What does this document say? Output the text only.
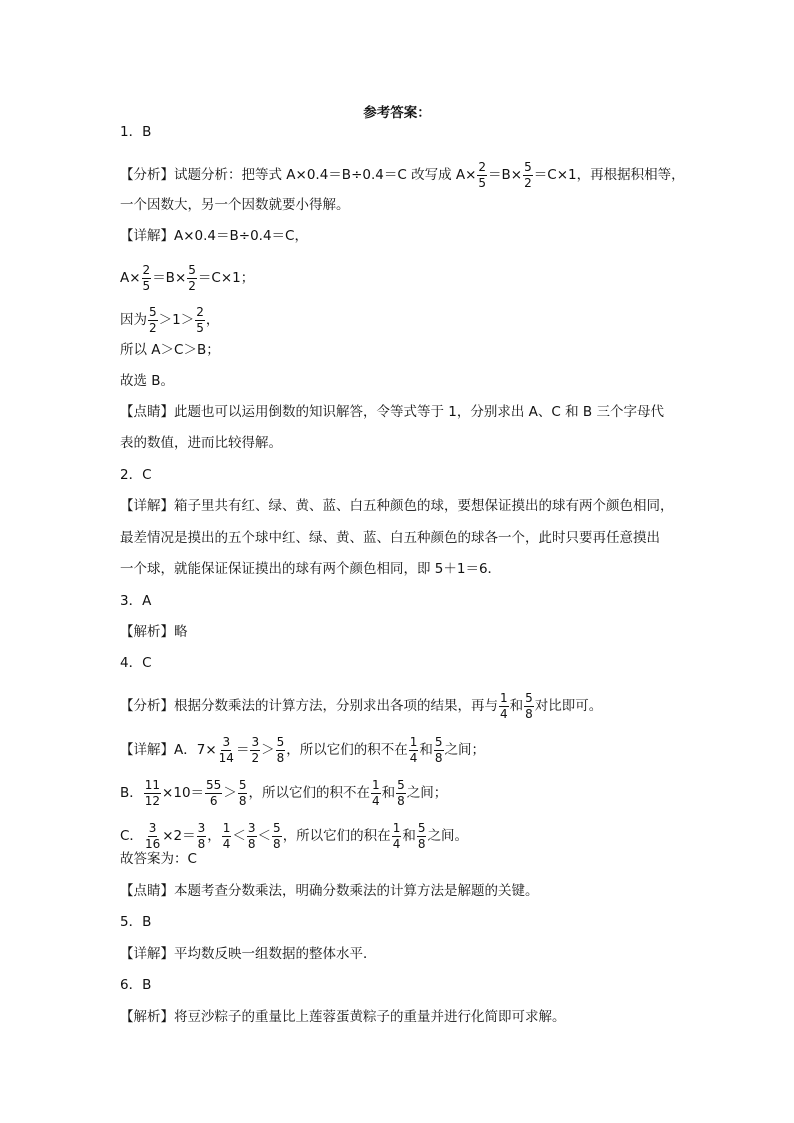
参考答案：
1．B
【分析】试题分析：把等式 A×0.4＝B÷0.4＝C 改写成 $A\times \frac{2}{5} =B\times \frac{5}{2} =C\times 1$，再根据积相等，
一个因数大，另一个因数就要小得解。
【详解】A×0.4＝B÷0.4＝C，
$A\times \frac{2}{5} =B\times \frac{5}{2} =C\times 1$；
因为 $\frac{5}{2} >1> \frac{2}{5}$ ，
所以 A＞C＞B；
故选 B。
【点睛】此题也可以运用倒数的知识解答，令等式等于 1，分别求出 A、C 和 B 三个字母代
表的数值，进而比较得解。
2．C
【详解】箱子里共有红、绿、黄、蓝、白五种颜色的球，要想保证摸出的球有两个颜色相同，
最差情况是摸出的五个球中红、绿、黄、蓝、白五种颜色的球各一个，此时只要再任意摸出
一个球，就能保证保证摸出的球有两个颜色相同，即 5＋1＝6．
3．A
【解析】略
4．C
【分析】根据分数乘法的计算方法，分别求出各项的结果，再与 $\frac{1}{4}$ 和 $\frac{5}{8}$ 对比即可。
【详解】A．$7\times \frac{3}{14} = \frac{3}{2} > \frac{5}{8}$ ，所以它们的积不在 $\frac{1}{4}$ 和 $\frac{5}{8}$ 之间；
B． $\frac{11}{12} \times 10= \frac{55}{6} > \frac{5}{8}$ ，所以它们的积不在 $\frac{1}{4}$ 和 $\frac{5}{8}$ 之间；
C． $\frac{3}{16} \times 2= \frac{3}{8}$ ， $\frac{1}{4} < \frac{3}{8} < \frac{5}{8}$ ，所以它们的积在 $\frac{1}{4}$ 和 $\frac{5}{8}$ 之间。
故答案为：C
【点睛】本题考查分数乘法，明确分数乘法的计算方法是解题的关键。
5．B
【详解】平均数反映一组数据的整体水平．
6．B
【解析】将豆沙粽子的重量比上莲蓉蛋黄粽子的重量并进行化简即可求解。
